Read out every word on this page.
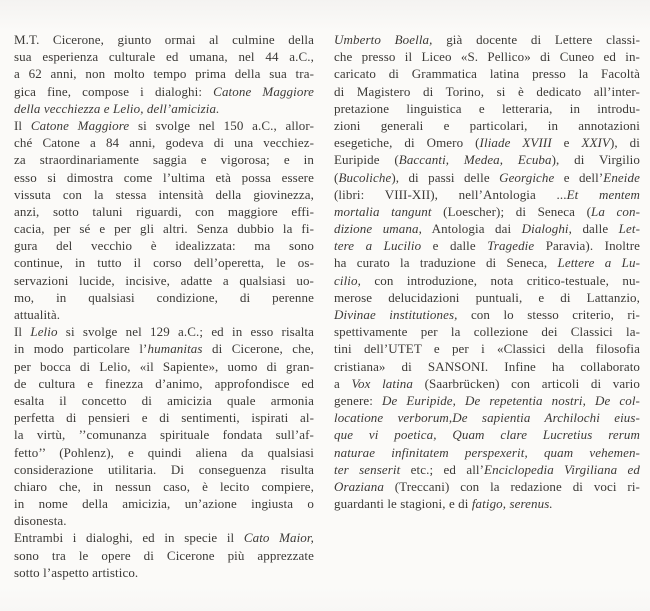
M.T. Cicerone, giunto ormai al culmine della
sua esperienza culturale ed umana, nel 44 a.C.,
a 62 anni, non molto tempo prima della sua tra-
gica fine, compose i dialoghi: Catone Maggiore
della vecchiezza e Lelio, dell’amicizia.
Il Catone Maggiore si svolge nel 150 a.C., allor-
ché Catone a 84 anni, godeva di una vecchiez-
za straordinariamente saggia e vigorosa; e in
esso si dimostra come l’ultima età possa essere
vissuta con la stessa intensità della giovinezza,
anzi, sotto taluni riguardi, con maggiore effi-
cacia, per sé e per gli altri. Senza dubbio la fi-
gura del vecchio è idealizzata: ma sono
continue, in tutto il corso dell’operetta, le os-
servazioni lucide, incisive, adatte a qualsiasi uo-
mo, in qualsiasi condizione, di perenne
attualità.
Il Lelio si svolge nel 129 a.C.; ed in esso risalta
in modo particolare l’humanitas di Cicerone, che,
per bocca di Lelio, «il Sapiente», uomo di gran-
de cultura e finezza d’animo, approfondisce ed
esalta il concetto di amicizia quale armonia
perfetta di pensieri e di sentimenti, ispirati al-
la virtù, ’’comunanza spirituale fondata sull’af-
fetto’’ (Pohlenz), e quindi aliena da qualsiasi
considerazione utilitaria. Di conseguenza risulta
chiaro che, in nessun caso, è lecito compiere,
in nome della amicizia, un’azione ingiusta o
disonesta.
Entrambi i dialoghi, ed in specie il Cato Maior,
sono tra le opere di Cicerone più apprezzate
sotto l’aspetto artistico.
Umberto Boella, già docente di Lettere classi-
che presso il Liceo «S. Pellico» di Cuneo ed in-
caricato di Grammatica latina presso la Facoltà
di Magistero di Torino, si è dedicato all’inter-
pretazione linguistica e letteraria, in introdu-
zioni generali e particolari, in annotazioni
esegetiche, di Omero (Iliade XVIII e XXIV), di
Euripide (Baccanti, Medea, Ecuba), di Virgilio
(Bucoliche), di passi delle Georgiche e dell’Eneide
(libri: VIII-XII), nell’Antologia ...Et mentem
mortalia tangunt (Loescher); di Seneca (La con-
dizione umana, Antologia dai Dialoghi, dalle Let-
tere a Lucilio e dalle Tragedie Paravia). Inoltre
ha curato la traduzione di Seneca, Lettere a Lu-
cilio, con introduzione, nota critico-testuale, nu-
merose delucidazioni puntuali, e di Lattanzio,
Divinae institutiones, con lo stesso criterio, ri-
spettivamente per la collezione dei Classici la-
tini dell’UTET e per i «Classici della filosofia
cristiana» di SANSONI. Infine ha collaborato
a Vox latina (Saarbrücken) con articoli di vario
genere: De Euripide, De repetentia nostri, De col-
locatione verborum,De sapientia Archilochi eius-
que vi poetica, Quam clare Lucretius rerum
naturae infinitatem perspexerit, quam vehemen-
ter senserit etc.; ed all’Enciclopedia Virgiliana ed
Oraziana (Treccani) con la redazione di voci ri-
guardanti le stagioni, e di fatigo, serenus.
